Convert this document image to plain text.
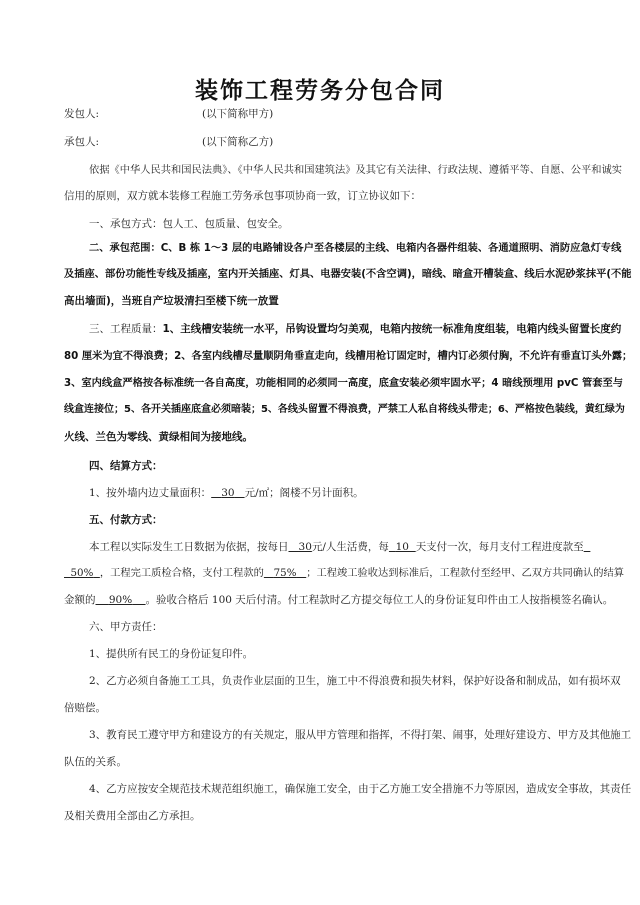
装饰工程劳务分包合同
发包人:	(以下简称甲方)
承包人:	(以下简称乙方)
依据《中华人民共和国民法典》、《中华人民共和国建筑法》及其它有关法律、行政法规、遵循平等、自愿、公平和诚实
信用的原则，双方就本装修工程施工劳务承包事项协商一致，订立协议如下：
一、承包方式：包人工、包质量、包安全。
二、承包范围：C、B 栋 1～3 层的电路铺设各户至各楼层的主线、电箱内各器件组装、各通道照明、消防应急灯专线
及插座、部份功能性专线及插座，室内开关插座、灯具、电器安装(不含空调)，暗线、暗盒开槽装盒、线后水泥砂浆抹平(不能
高出墙面)，当班自产垃圾清扫至楼下统一放置
三、工程质量：1、主线槽安装统一水平，吊钩设置均匀美观，电箱内按统一标准角度组装，电箱内线头留置长度约
80 厘米为宜不得浪费；2、各室内线槽尽量顺阴角垂直走向，线槽用枪订固定时，槽内订必须付胸，不允许有垂直订头外露；
3、室内线盒严格按各标准统一各自高度，功能相同的必须同一高度，底盒安装必须牢固水平；4 暗线预埋用 pvC 管套至与
线盒连接位；5、各开关插座底盒必须暗装；5、各线头留置不得浪费，严禁工人私自将线头带走；6、严格按色装线，黄红绿为
火线、兰色为零线、黄绿相间为接地线。
四、结算方式：
1、按外墙内边丈量面积： 30 元/㎡；阁楼不另计面积。
五、付款方式：
本工程以实际发生工日数据为依据，按每日 30元/人生活费，每 10 天支付一次，每月支付工程进度款至
50% ，工程完工质检合格，支付工程款的 75% ；工程竣工验收达到标准后，工程款付至经甲、乙双方共同确认的结算
金额的 90% 。验收合格后 100 天后付清。付工程款时乙方提交每位工人的身份证复印件由工人按指模签名确认。
六、甲方责任：
1、提供所有民工的身份证复印件。
2、乙方必须自备施工工具，负责作业层面的卫生，施工中不得浪费和损失材料，保护好设备和制成品，如有损坏双
倍赔偿。
3、教育民工遵守甲方和建设方的有关规定，服从甲方管理和指挥，不得打架、闹事，处理好建设方、甲方及其他施工
队伍的关系。
4、乙方应按安全规范技术规范组织施工，确保施工安全，由于乙方施工安全措施不力等原因，造成安全事故，其责任
及相关费用全部由乙方承担。
